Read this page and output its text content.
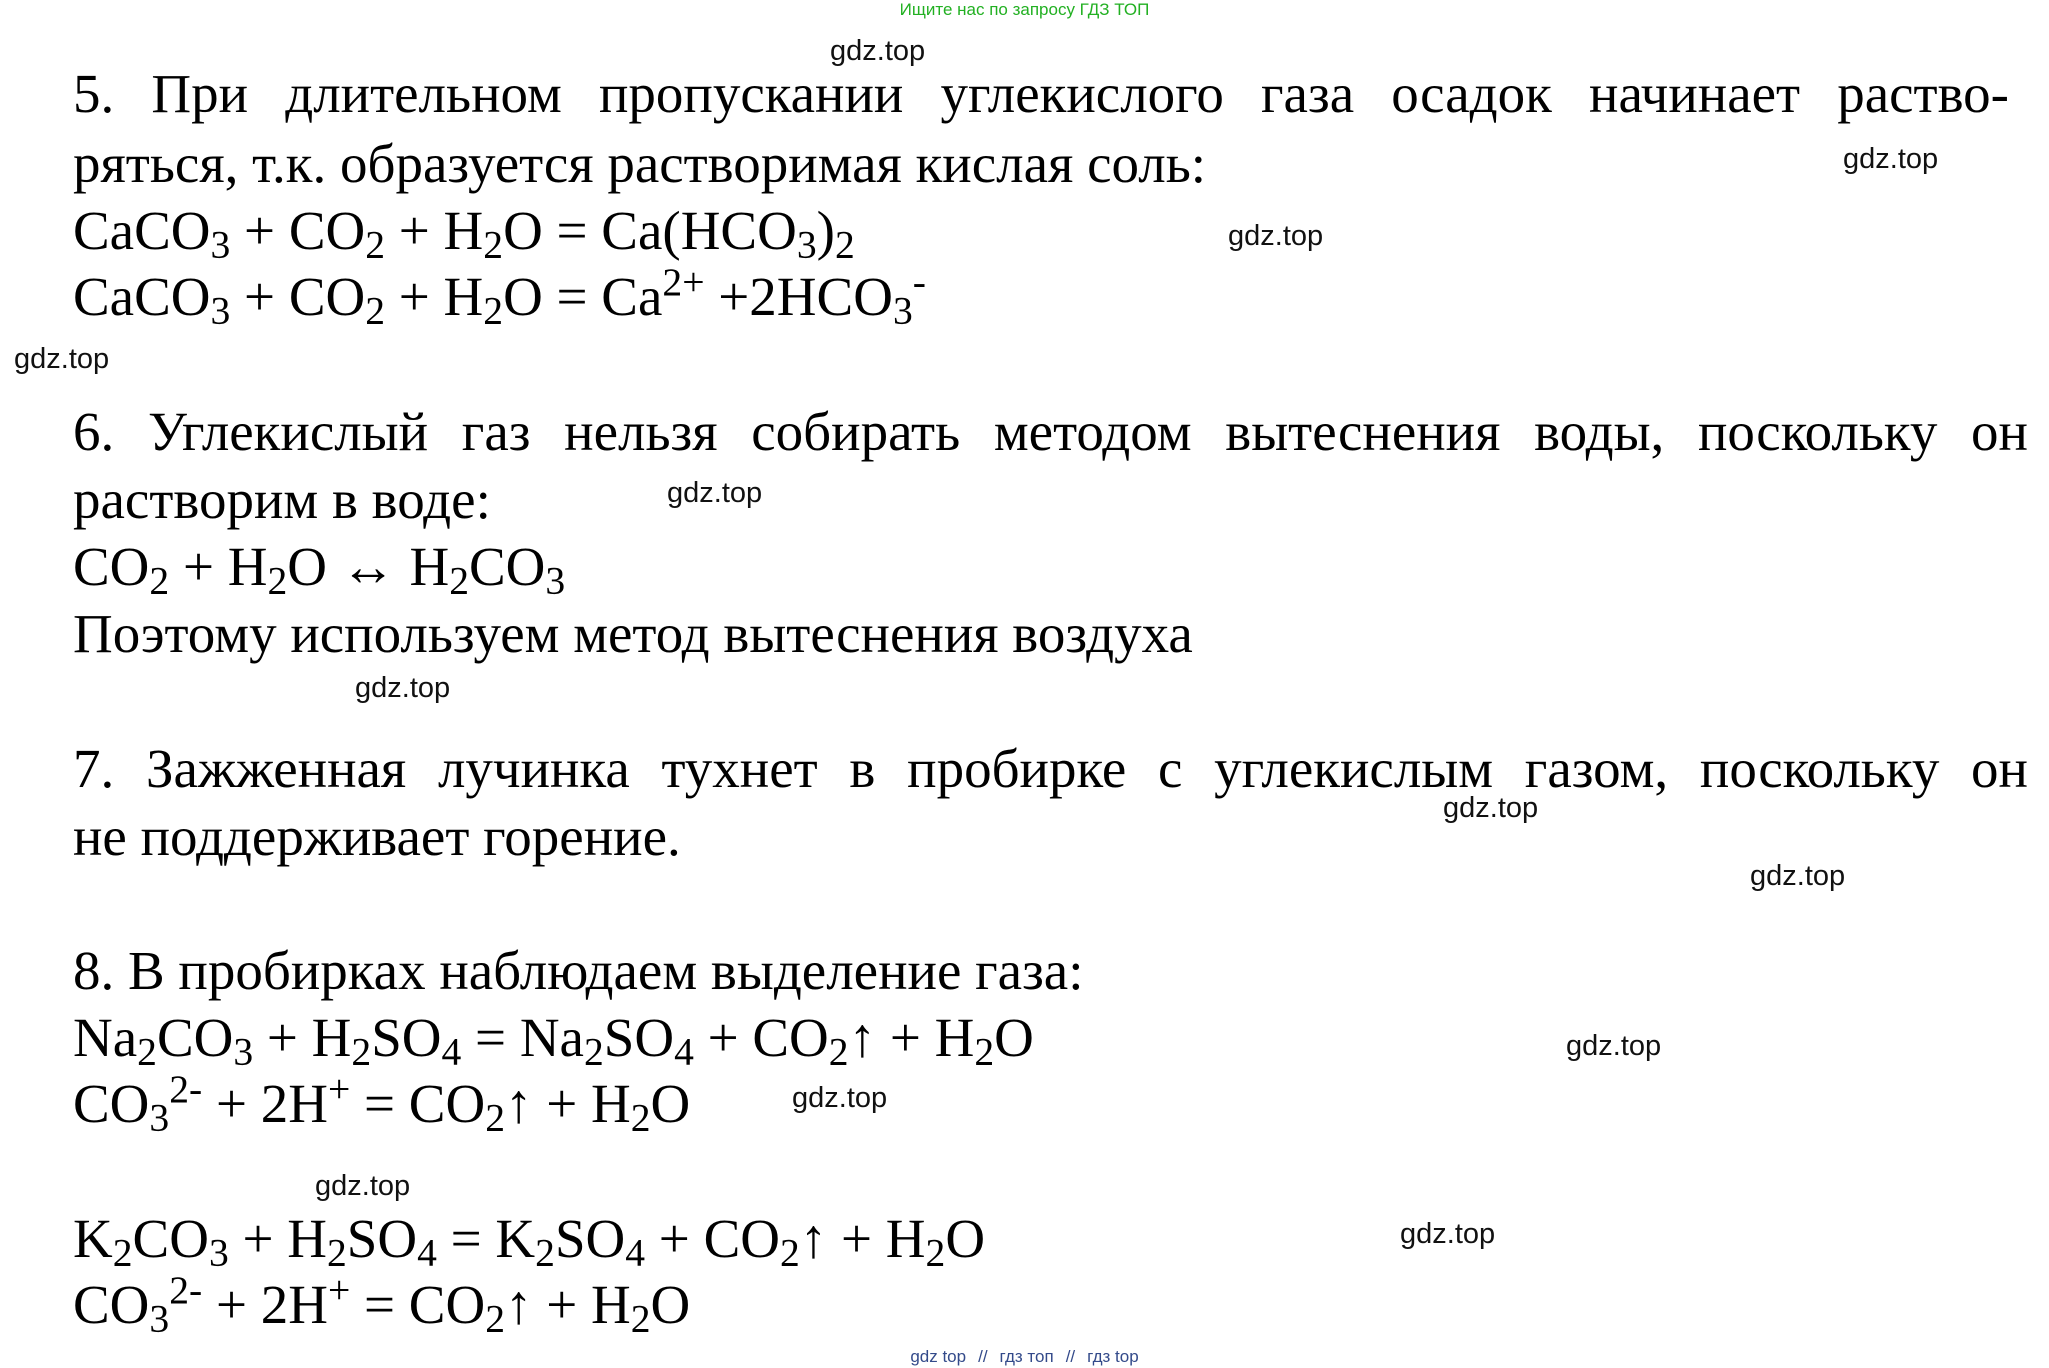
Ищите нас по запросу ГДЗ ТОП
gdz.top
gdz.top
gdz.top
gdz.top
gdz.top
gdz.top
gdz.top
gdz.top
gdz.top
gdz.top
gdz.top
gdz.top
5. При длительном пропускании углекислого газа осадок начинает раство-
ряться, т.к. образуется растворимая кислая соль:
CaCO$_3$ + $CO_2 + H_2O = Ca(HCO_3)_2$
CaCO$_3$ + $CO_2 + H_2O = Ca^{2+} +2HCO_3^-$
6. Углекислый газ нельзя собирать методом вытеснения воды, поскольку он
растворим в воде:
$CO_2 + H_2O$ ↔ $H_2CO_3$
Поэтому используем метод вытеснения воздуха
7. Зажженная лучинка тухнет в пробирке с углекислым газом, поскольку он
не поддерживает горение.
8. В пробирках наблюдаем выделение газа:
$Na_2CO_3 + H_2SO_4 = Na_2SO_4$ + $CO_2↑ + H_2O$
$CO_3^{2-} + 2H^+$ = $CO_2↑ + H_2O$
$K_2CO_3 + H_2SO_4 = K_2SO_4$ + $CO_2↑ + H_2O$
$CO_3^{2-} + 2H^+$ = $CO_2↑ + H_2O$
gdz top // гдз топ // гдз top
